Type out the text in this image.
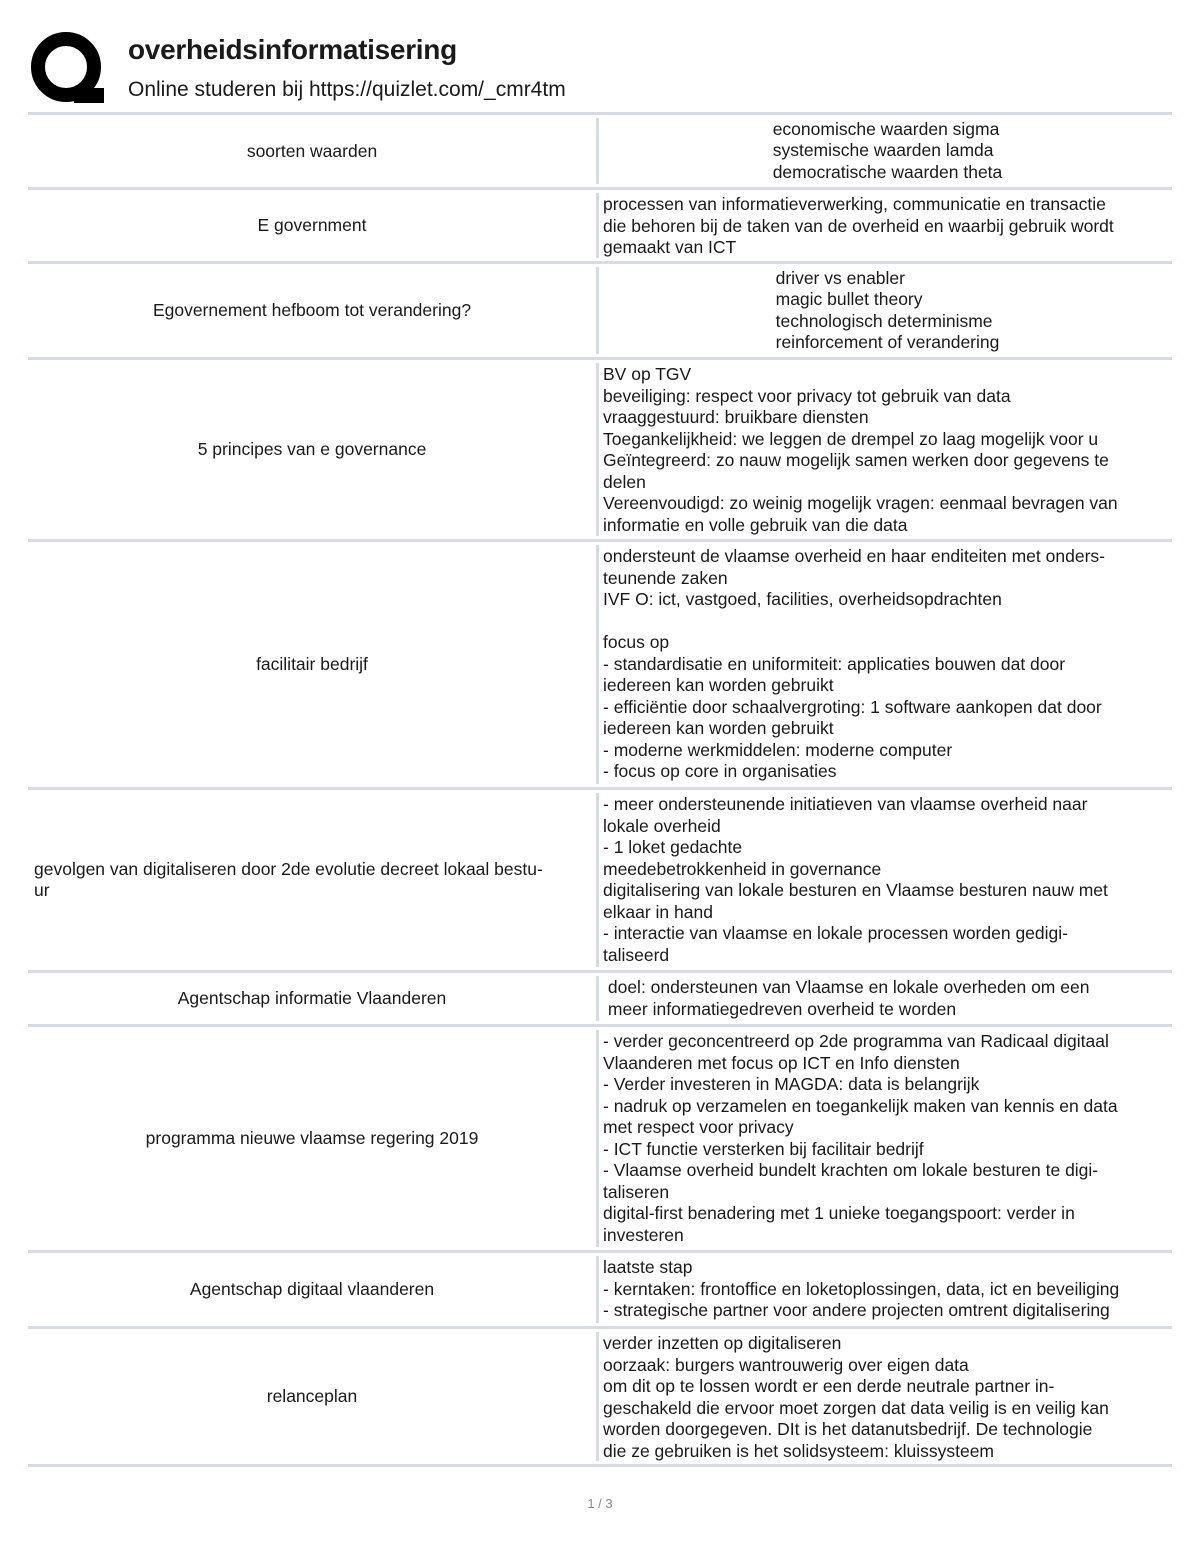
overheidsinformatisering
Online studeren bij https://quizlet.com/_cmr4tm
soorten waarden
economische waarden sigma
systemische waarden lamda
democratische waarden theta
E government
processen van informatieverwerking, communicatie en transactie
die behoren bij de taken van de overheid en waarbij gebruik wordt
gemaakt van ICT
Egovernement hefboom tot verandering?
driver vs enabler
magic bullet theory
technologisch determinisme
reinforcement of verandering
5 principes van e governance
BV op TGV
beveiliging: respect voor privacy tot gebruik van data
vraaggestuurd: bruikbare diensten
Toegankelijkheid: we leggen de drempel zo laag mogelijk voor u
Geïntegreerd: zo nauw mogelijk samen werken door gegevens te
delen
Vereenvoudigd: zo weinig mogelijk vragen: eenmaal bevragen van
informatie en volle gebruik van die data
facilitair bedrijf
ondersteunt de vlaamse overheid en haar enditeiten met onders-
teunende zaken
IVF O: ict, vastgoed, facilities, overheidsopdrachten

focus op
- standardisatie en uniformiteit: applicaties bouwen dat door
iedereen kan worden gebruikt
- efficiëntie door schaalvergroting: 1 software aankopen dat door
iedereen kan worden gebruikt
- moderne werkmiddelen: moderne computer
- focus op core in organisaties
gevolgen van digitaliseren door 2de evolutie decreet lokaal bestu-
ur
- meer ondersteunende initiatieven van vlaamse overheid naar
lokale overheid
- 1 loket gedachte
meedebetrokkenheid in governance
digitalisering van lokale besturen en Vlaamse besturen nauw met
elkaar in hand
- interactie van vlaamse en lokale processen worden gedigi-
taliseerd
Agentschap informatie Vlaanderen
doel: ondersteunen van Vlaamse en lokale overheden om een
meer informatiegedreven overheid te worden
programma nieuwe vlaamse regering 2019
- verder geconcentreerd op 2de programma van Radicaal digitaal
Vlaanderen met focus op ICT en Info diensten
- Verder investeren in MAGDA: data is belangrijk
- nadruk op verzamelen en toegankelijk maken van kennis en data
met respect voor privacy
- ICT functie versterken bij facilitair bedrijf
- Vlaamse overheid bundelt krachten om lokale besturen te digi-
taliseren
digital-first benadering met 1 unieke toegangspoort: verder in
investeren
Agentschap digitaal vlaanderen
laatste stap
- kerntaken: frontoffice en loketoplossingen, data, ict en beveiliging
- strategische partner voor andere projecten omtrent digitalisering
relanceplan
verder inzetten op digitaliseren
oorzaak: burgers wantrouwerig over eigen data
om dit op te lossen wordt er een derde neutrale partner in-
geschakeld die ervoor moet zorgen dat data veilig is en veilig kan
worden doorgegeven. DIt is het datanutsbedrijf. De technologie
die ze gebruiken is het solidsysteem: kluissysteem
1 / 3
